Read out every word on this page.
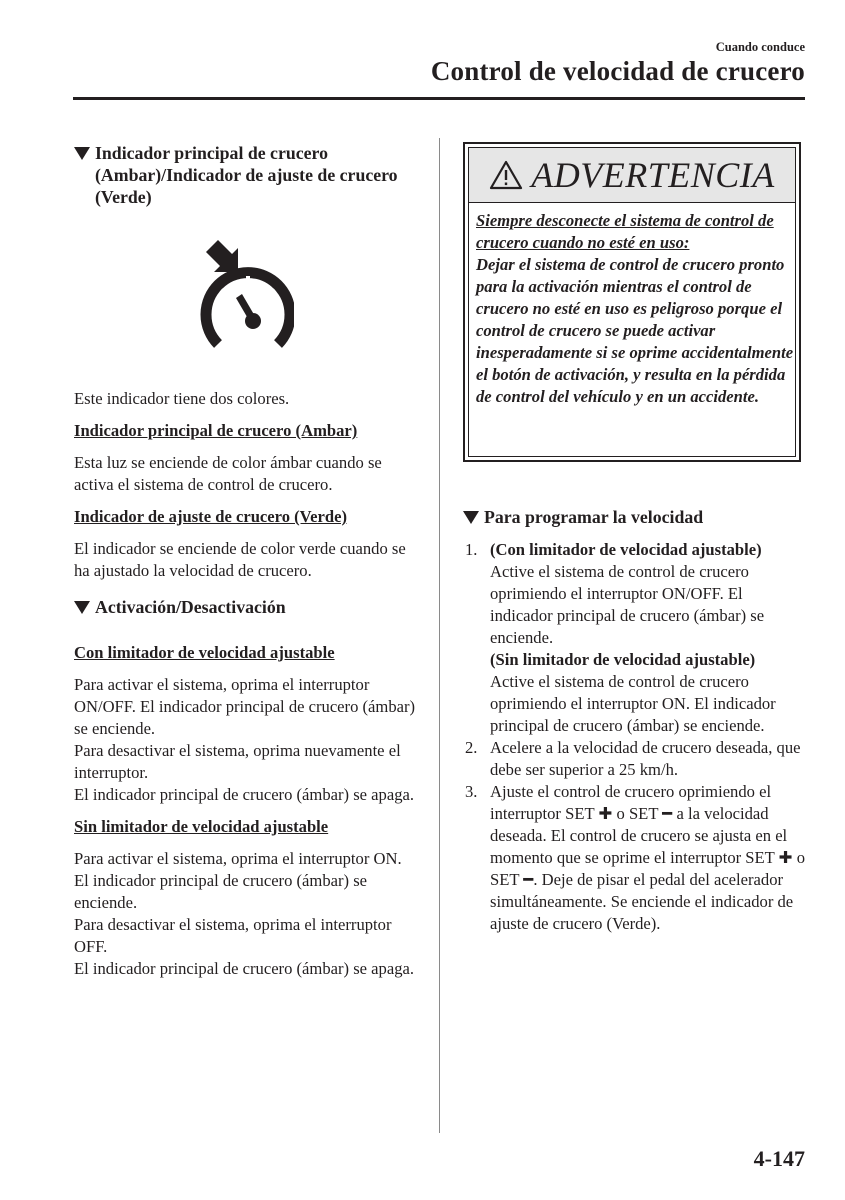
Cuando conduce
Control de velocidad de crucero
Indicador principal de crucero (Ambar)/Indicador de ajuste de crucero (Verde)

Este indicador tiene dos colores.

Indicador principal de crucero (Ambar)

Esta luz se enciende de color ámbar cuando se activa el sistema de control de crucero.

Indicador de ajuste de crucero (Verde)

El indicador se enciende de color verde cuando se ha ajustado la velocidad de crucero.

Activación/Desactivación
Con limitador de velocidad ajustable

Para activar el sistema, oprima el interruptor ON/OFF. El indicador principal de crucero (ámbar) se enciende.

Para desactivar el sistema, oprima nuevamente el interruptor.

El indicador principal de crucero (ámbar) se apaga.

Sin limitador de velocidad ajustable

Para activar el sistema, oprima el interruptor ON. El indicador principal de crucero (ámbar) se enciende.

Para desactivar el sistema, oprima el interruptor OFF.

El indicador principal de crucero (ámbar) se apaga.

ADVERTENCIA
Siempre desconecte el sistema de control de crucero cuando no esté en uso:
Dejar el sistema de control de crucero pronto para la activación mientras el control de crucero no esté en uso es peligroso porque el control de crucero se puede activar inesperadamente si se oprime accidentalmente el botón de activación, y resulta en la pérdida de control del vehículo y en un accidente.
Para programar la velocidad
1. (Con limitador de velocidad ajustable)
Active el sistema de control de crucero oprimiendo el interruptor ON/OFF. El indicador principal de crucero (ámbar) se enciende.
(Sin limitador de velocidad ajustable)
Active el sistema de control de crucero oprimiendo el interruptor ON. El indicador principal de crucero (ámbar) se enciende.
2. Acelere a la velocidad de crucero deseada, que debe ser superior a 25 km/h.
3. Ajuste el control de crucero oprimiendo el interruptor SET ✚ o SET ━ a la velocidad deseada. El control de crucero se ajusta en el momento que se oprime el interruptor SET ✚ o SET ━. Deje de pisar el pedal del acelerador simultáneamente. Se enciende el indicador de ajuste de crucero (Verde).
4-147
